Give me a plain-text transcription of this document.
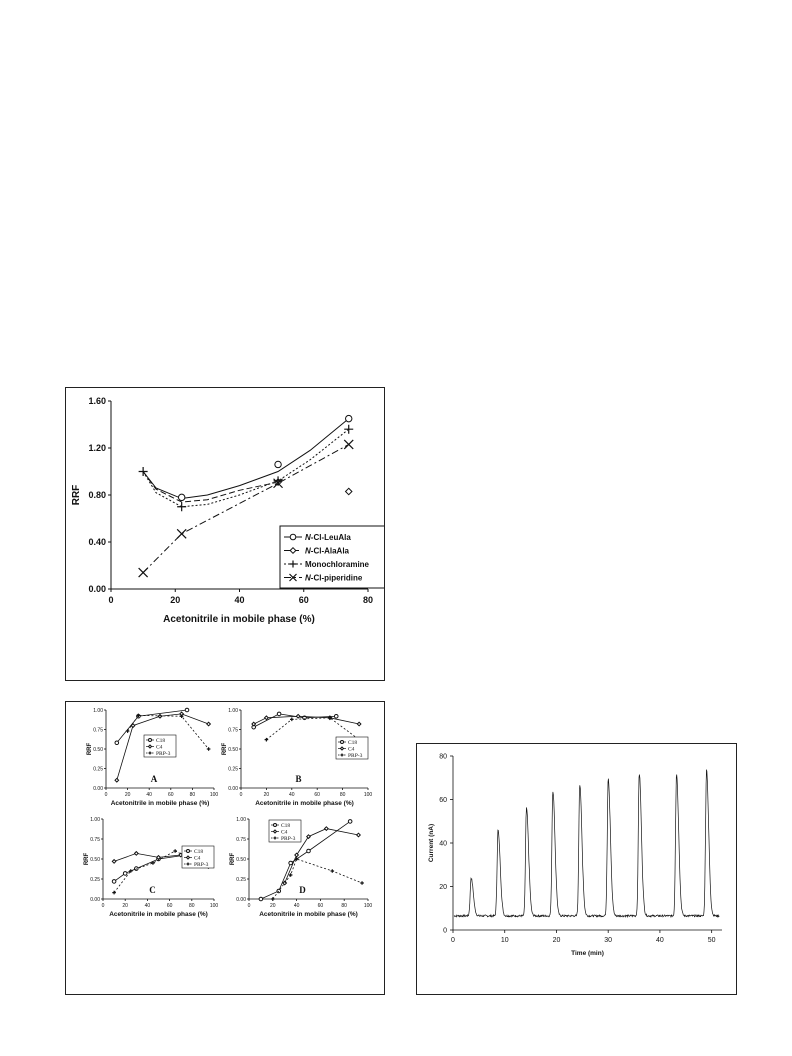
0.00
0.40
0.80
1.20
1.60
0	20	40	60	80
Acetonitrile in mobile phase (%)
RRF
N-Cl-LeuAla
N-Cl-AlaAla
Monochloramine
N-Cl-piperidine
0.00
0.25
0.50
0.75
1.00
0	20	40	60	80	100
Acetonitrile in mobile phase (%)
RRF
A
C18
C4
PRP-3
0.00
0.25
0.50
0.75
1.00
0	20	40	60	80	100
Acetonitrile in mobile phase (%)
RRF
B
C18
C4
PRP-3
0.00
0.25
0.50
0.75
1.00
0	20	40	60	80	100
Acetonitrile in mobile phase (%)
RRF
C
C18
C4
PRP-3
0.00
0.25
0.50
0.75
1.00
0	20	40	60	80	100
Acetonitrile in mobile phase (%)
RRF
D
C18
C4
PRP-3
0
20
40
60
80
0	10	20	30	40	50
Time (min)
Current (nA)
